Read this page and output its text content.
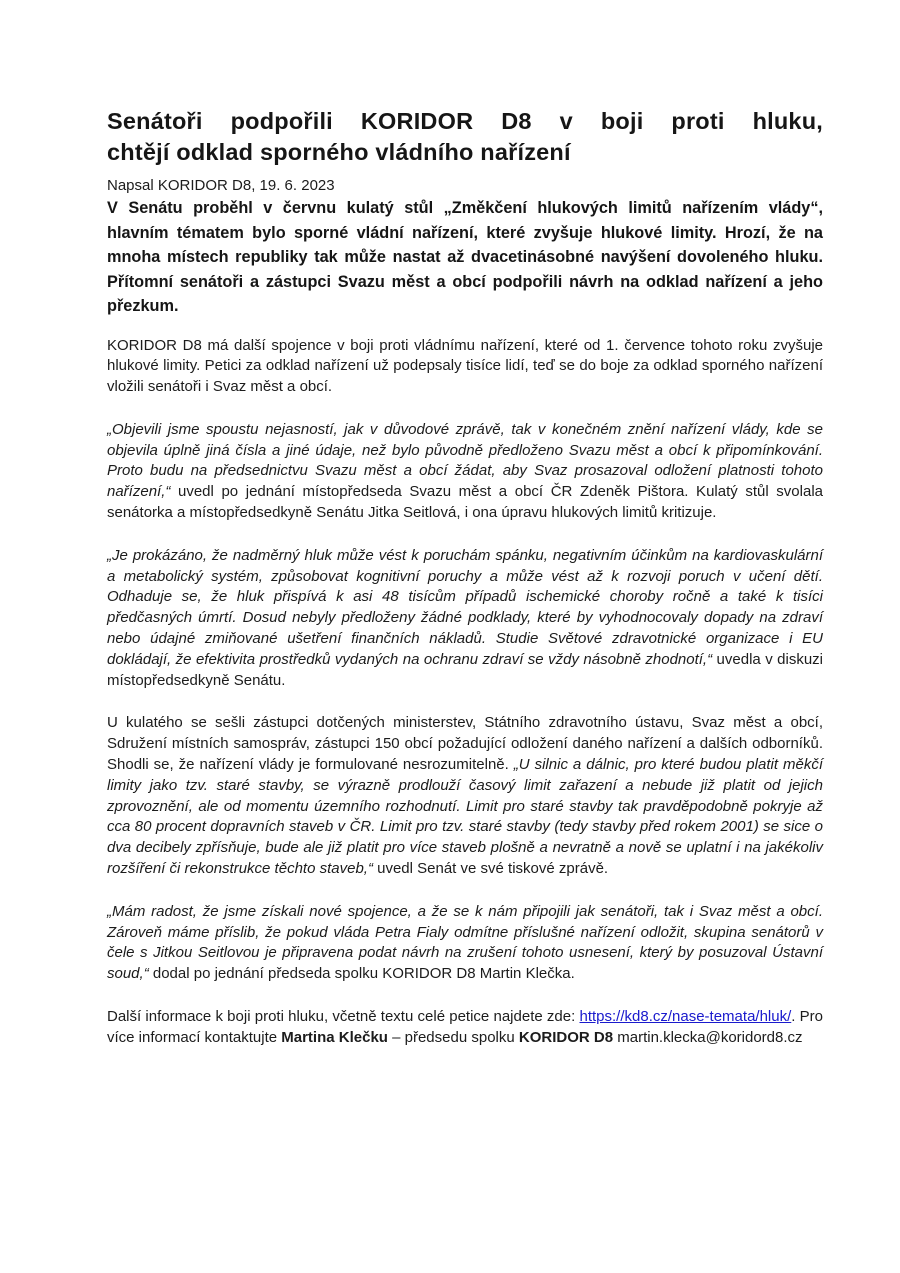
Senátoři podpořili KORIDOR D8 v boji proti hluku,
chtějí odklad sporného vládního nařízení

Napsal KORIDOR D8, 19. 6. 2023

V Senátu proběhl v červnu kulatý stůl „Změkčení hlukových limitů nařízením vlády“, hlavním tématem bylo sporné vládní nařízení, které zvyšuje hlukové limity. Hrozí, že na mnoha místech republiky tak může nastat až dvacetinásobné navýšení dovoleného hluku. Přítomní senátoři a zástupci Svazu měst a obcí podpořili návrh na odklad nařízení a jeho přezkum.

KORIDOR D8 má další spojence v boji proti vládnímu nařízení, které od 1. července tohoto roku zvyšuje hlukové limity. Petici za odklad nařízení už podepsaly tisíce lidí, teď se do boje za odklad sporného nařízení vložili senátoři i Svaz měst a obcí.

„Objevili jsme spoustu nejasností, jak v důvodové zprávě, tak v konečném znění nařízení vlády, kde se objevila úplně jiná čísla a jiné údaje, než bylo původně předloženo Svazu měst a obcí k připomínkování. Proto budu na předsednictvu Svazu měst a obcí žádat, aby Svaz prosazoval odložení platnosti tohoto nařízení,“ uvedl po jednání místopředseda Svazu měst a obcí ČR Zdeněk Pištora. Kulatý stůl svolala senátorka a místopředsedkyně Senátu Jitka Seitlová, i ona úpravu hlukových limitů kritizuje.

„Je prokázáno, že nadměrný hluk může vést k poruchám spánku, negativním účinkům na kardiovaskulární a metabolický systém, způsobovat kognitivní poruchy a může vést až k rozvoji poruch v učení dětí. Odhaduje se, že hluk přispívá k asi 48 tisícům případů ischemické choroby ročně a také k tisíci předčasných úmrtí. Dosud nebyly předloženy žádné podklady, které by vyhodnocovaly dopady na zdraví nebo údajné zmiňované ušetření finančních nákladů. Studie Světové zdravotnické organizace i EU dokládají, že efektivita prostředků vydaných na ochranu zdraví se vždy násobně zhodnotí,“ uvedla v diskuzi místopředsedkyně Senátu.

U kulatého se sešli zástupci dotčených ministerstev, Státního zdravotního ústavu, Svaz měst a obcí, Sdružení místních samospráv, zástupci 150 obcí požadující odložení daného nařízení a dalších odborníků. Shodli se, že nařízení vlády je formulované nesrozumitelně. „U silnic a dálnic, pro které budou platit měkčí limity jako tzv. staré stavby, se výrazně prodlouží časový limit zařazení a nebude již platit od jejich zprovoznění, ale od momentu územního rozhodnutí. Limit pro staré stavby tak pravděpodobně pokryje až cca 80 procent dopravních staveb v ČR. Limit pro tzv. staré stavby (tedy stavby před rokem 2001) se sice o dva decibely zpřísňuje, bude ale již platit pro více staveb plošně a nevratně a nově se uplatní i na jakékoliv rozšíření či rekonstrukce těchto staveb,“ uvedl Senát ve své tiskové zprávě.

„Mám radost, že jsme získali nové spojence, a že se k nám připojili jak senátoři, tak i Svaz měst a obcí. Zároveň máme příslib, že pokud vláda Petra Fialy odmítne příslušné nařízení odložit, skupina senátorů v čele s Jitkou Seitlovou je připravena podat návrh na zrušení tohoto usnesení, který by posuzoval Ústavní soud,“ dodal po jednání předseda spolku KORIDOR D8 Martin Klečka.

Další informace k boji proti hluku, včetně textu celé petice najdete zde: https://kd8.cz/nase-temata/hluk/. Pro více informací kontaktujte Martina Klečku – předsedu spolku KORIDOR D8 martin.klecka@koridord8.cz
